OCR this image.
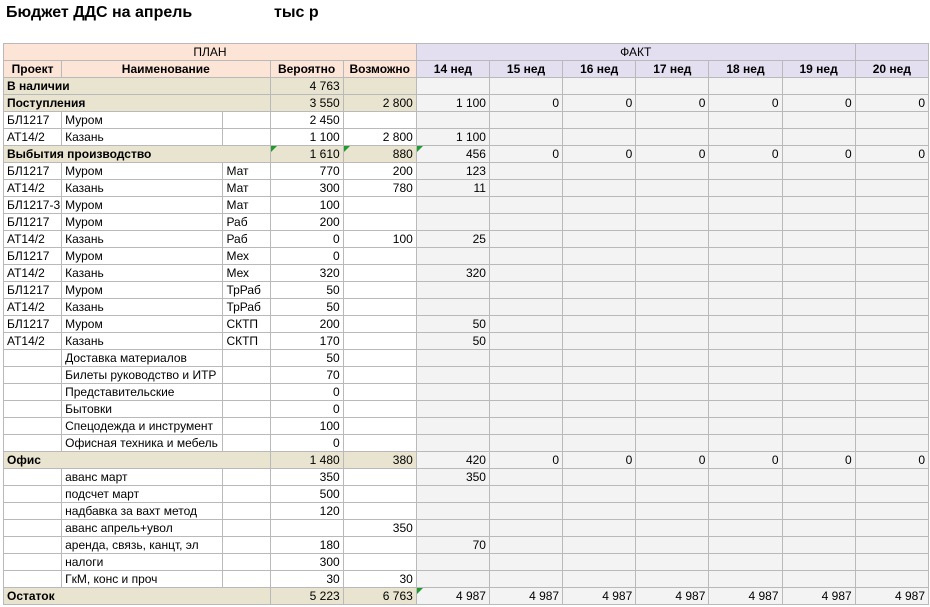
Бюджет ДДС на апрель	тыс р
ПЛАН					ФАКТ						
Проект	Наименование		Вероятно	Возможно	14 нед	15 нед	16 нед	17 нед	18 нед	19 нед	20 нед
В наличии			4 763								
Поступления			3 550	2 800	1 100	0	0	0	0	0	0
БЛ1217	Муром		2 450								
АТ14/2	Казань		1 100	2 800	1 100						
Выбытия производство			1 610	880	456	0	0	0	0	0	0
БЛ1217	Муром	Мат	770	200	123						
АТ14/2	Казань	Мат	300	780	11						
БЛ1217-3	Муром	Мат	100								
БЛ1217	Муром	Раб	200								
АТ14/2	Казань	Раб	0	100	25						
БЛ1217	Муром	Мех	0								
АТ14/2	Казань	Мех	320		320						
БЛ1217	Муром	ТрРаб	50								
АТ14/2	Казань	ТрРаб	50								
БЛ1217	Муром	СКТП	200		50						
АТ14/2	Казань	СКТП	170		50						
	Доставка материалов		50								
	Билеты руководство и ИТР		70								
	Представительские		0								
	Бытовки		0								
	Спецодежда и инструмент		100								
	Офисная техника и мебель		0								
Офис			1 480	380	420	0	0	0	0	0	0
	аванс март		350		350						
	подсчет март		500								
	надбавка за вахт метод		120								
	аванс апрель+увол			350							
	аренда, связь, канцт, эл		180		70						
	налоги		300								
	ГкМ, конс и проч		30	30							
Остаток			5 223	6 763	4 987	4 987	4 987	4 987	4 987	4 987	4 987
